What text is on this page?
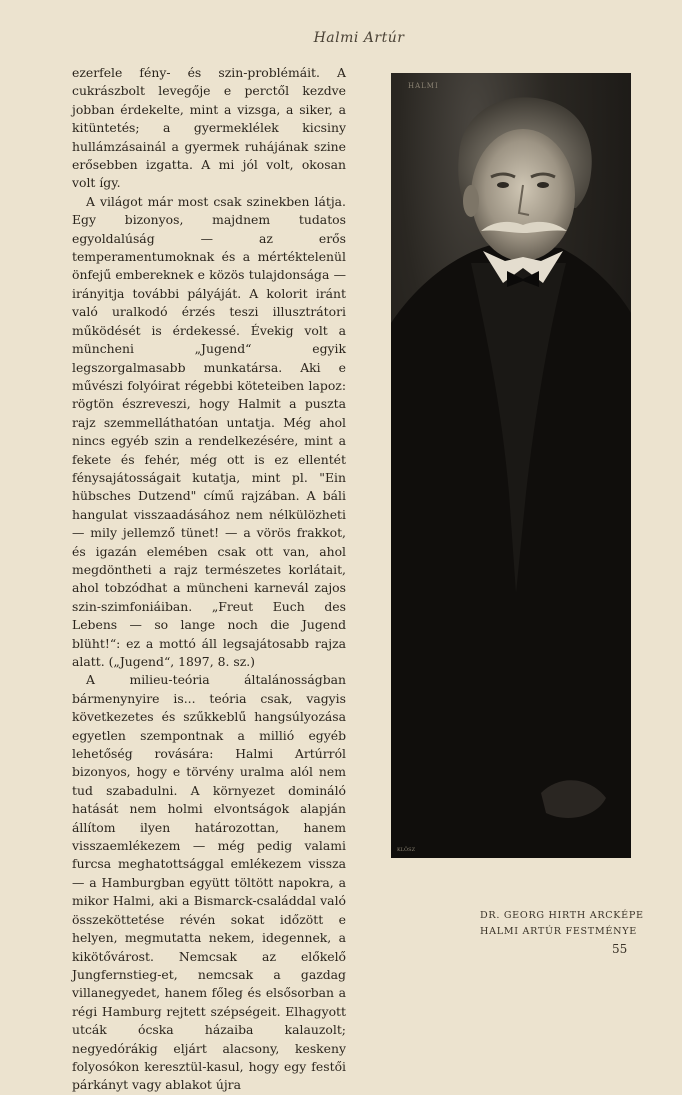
Halmi Artúr

ezerfele fény- és szin-problémáit. A cukrászbolt levegője e perctől kezdve jobban érdekelte, mint a vizsga, a siker, a kitüntetés; a gyermeklélek kicsiny hullámzásainál a gyermek ruhájának szine erősebben izgatta. A mi jól volt, okosan volt így.

A világot már most csak szinekben látja. Egy bizonyos, majdnem tudatos egyoldalúság — az erős temperamentumoknak és a mértéktelenül önfejű embereknek e közös tulajdonsága — irányitja további pályáját. A kolorit iránt való uralkodó érzés teszi illusztrátori működését is érdekessé. Évekig volt a müncheni „Jugend“ egyik legszorgalmasabb munkatársa. Aki e művészi folyóirat régebbi köteteiben lapoz: rögtön észreveszi, hogy Halmit a puszta rajz szemmelláthatóan untatja. Még ahol nincs egyéb szin a rendelkezésére, mint a fekete és fehér, még ott is ez ellentét fénysajátosságait kutatja, mint pl. "Ein hübsches Dutzend" című rajzában. A báli hangulat visszaadásához nem nélkülözheti — mily jellemző tünet! — a vörös frakkot, és igazán elemében csak ott van, ahol megdöntheti a rajz természetes korlátait, ahol tobzódhat a müncheni karnevál zajos szin-szimfoniáiban. „Freut Euch des Lebens — so lange noch die Jugend blüht!“: ez a mottó áll legsajátosabb rajza alatt. („Jugend“, 1897, 8. sz.)

A milieu-teória általánosságban bármenynyire is... teória csak, vagyis következetes és szűkkeblű hangsúlyozása egyetlen szempontnak a millió egyéb lehetőség rovására: Halmi Artúrról bizonyos, hogy e törvény uralma alól nem tud szabadulni. A környezet domináló hatását nem holmi elvontságok alapján állítom ilyen határozottan, hanem visszaemlékezem — még pedig valami furcsa meghatottsággal emlékezem vissza — a Hamburgban együtt töltött napokra, a mikor Halmi, aki a Bismarck-családdal való összeköttetése révén sokat időzött e helyen, megmutatta nekem, idegennek, a kikötővárost. Nemcsak az előkelő Jungfernstieg-et, nemcsak a gazdag villanegyedet, hanem főleg és elsősorban a régi Hamburg rejtett szépségeit. Elhagyott utcák ócska házaiba kalauzolt; negyedórákig eljárt alacsony, keskeny folyosókon keresztül-kasul, hogy egy festői párkányt vagy ablakot újra

HALMI
KLÖSZ
DR. GEORG HIRTH ARCKÉPE
HALMI ARTÚR FESTMÉNYE
55
